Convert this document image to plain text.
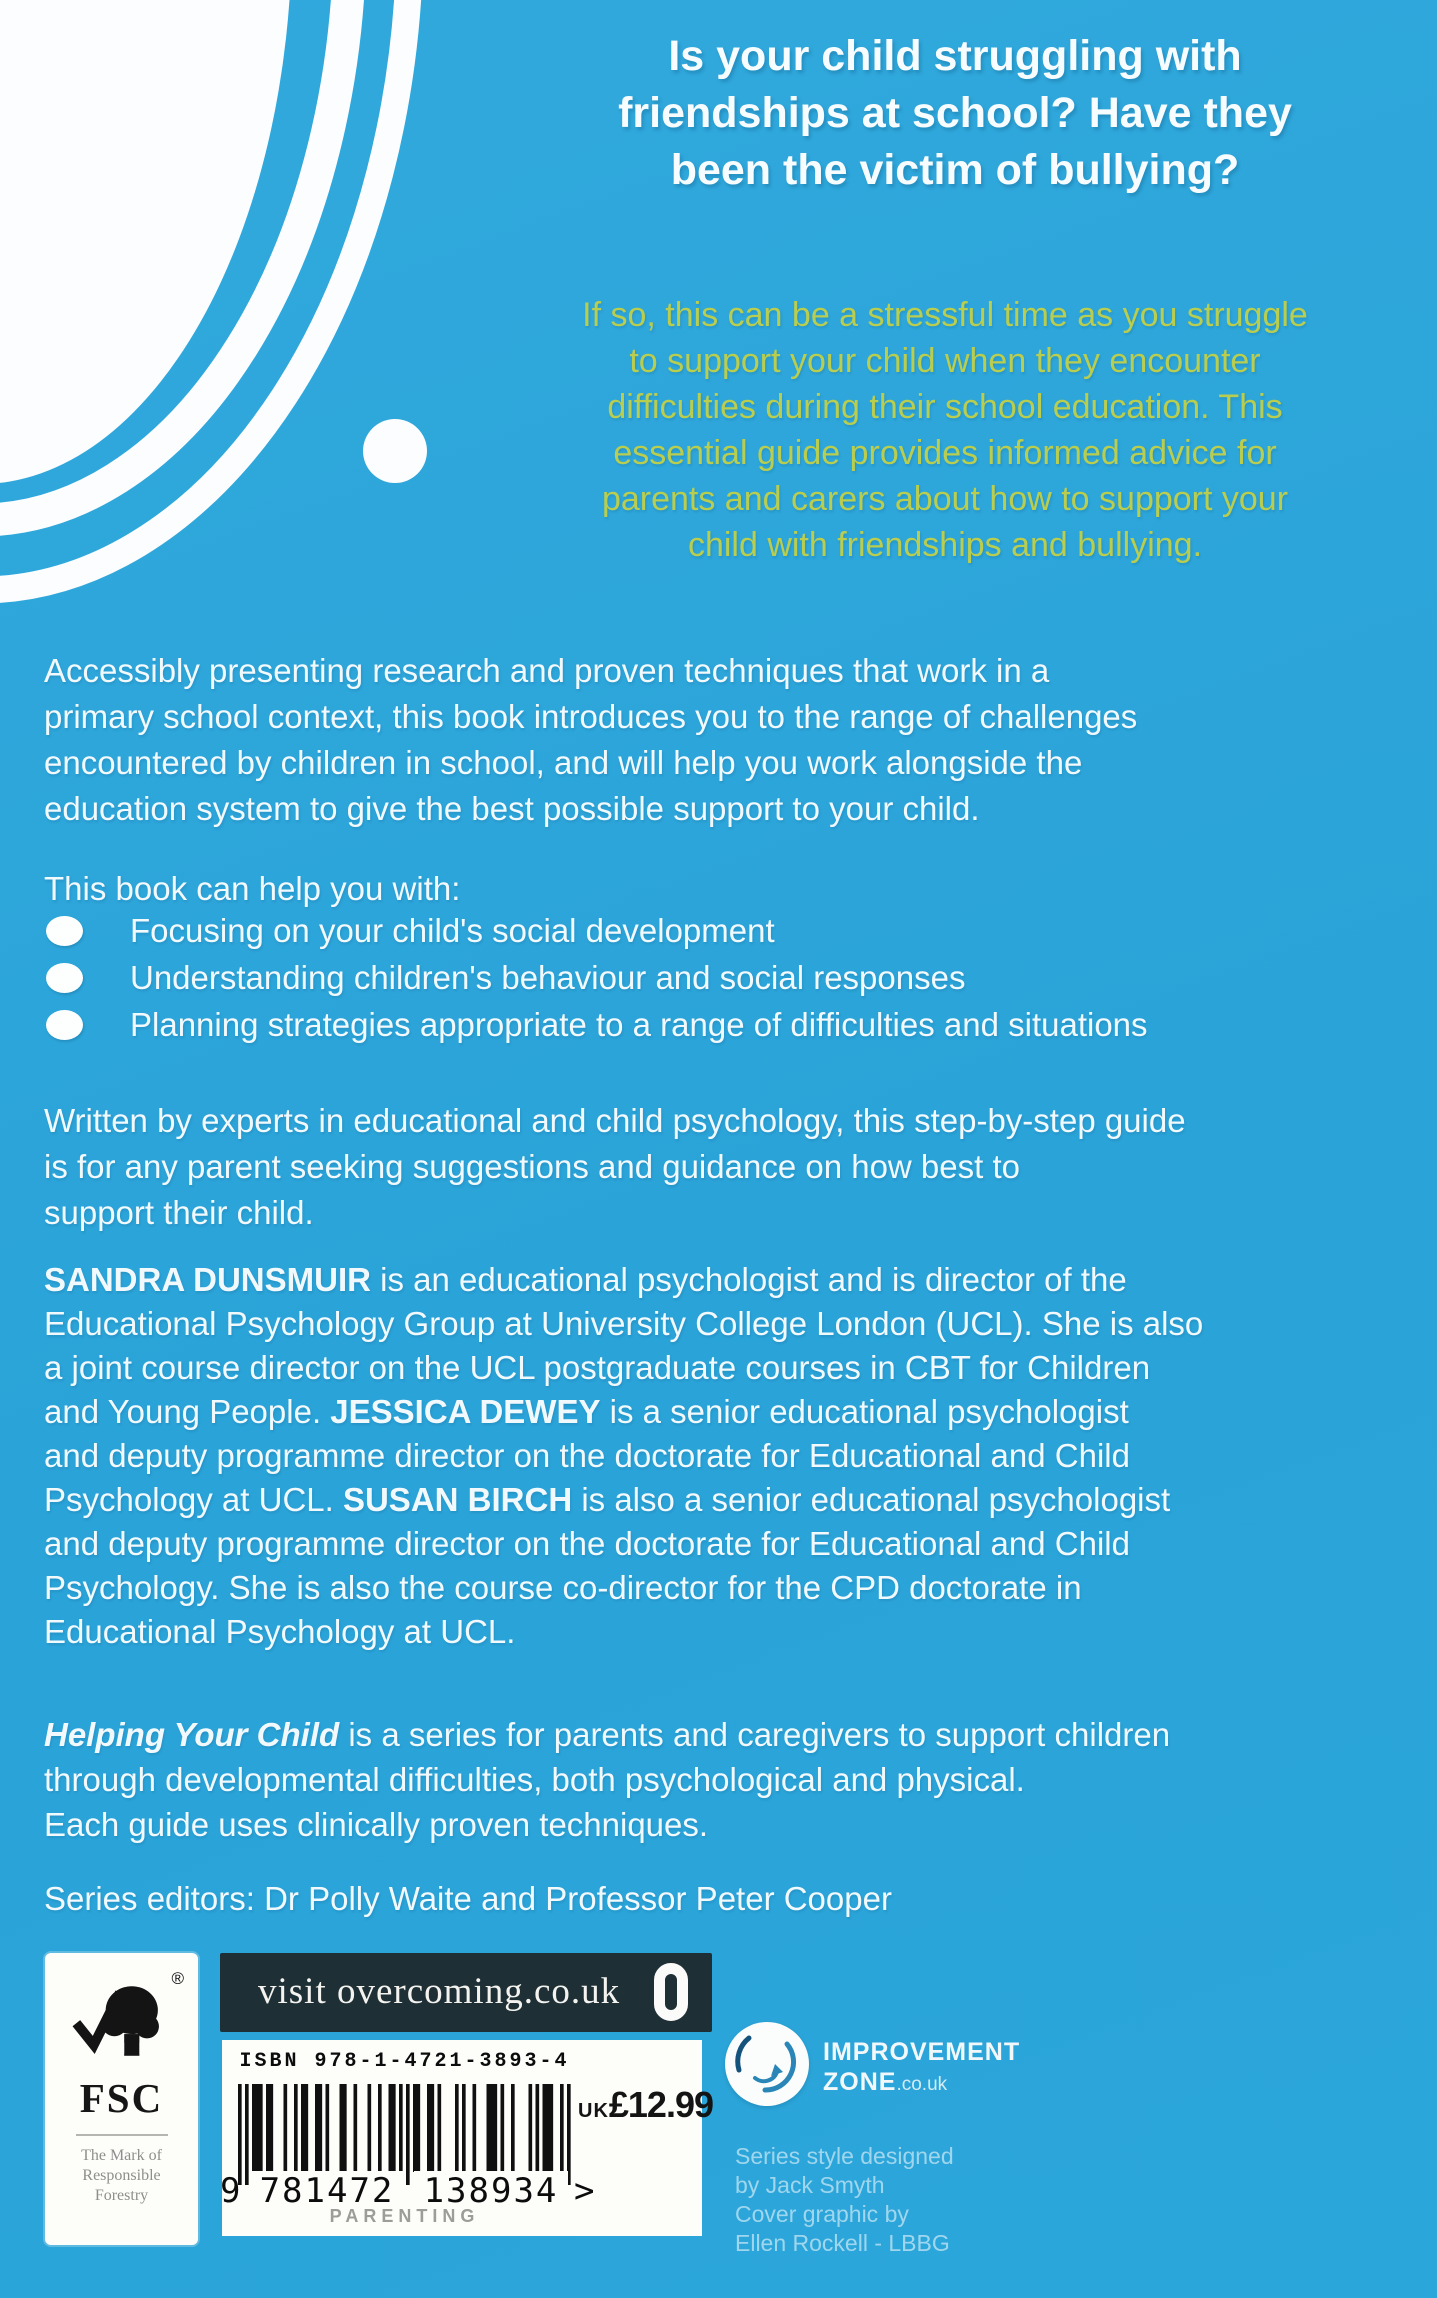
Is your child struggling with
friendships at school? Have they
been the victim of bullying?
If so, this can be a stressful time as you struggle
to support your child when they encounter
difficulties during their school education. This
essential guide provides informed advice for
parents and carers about how to support your
child with friendships and bullying.
Accessibly presenting research and proven techniques that work in a
primary school context, this book introduces you to the range of challenges
encountered by children in school, and will help you work alongside the
education system to give the best possible support to your child.
This book can help you with:
Focusing on your child's social development
Understanding children's behaviour and social responses
Planning strategies appropriate to a range of difficulties and situations
Written by experts in educational and child psychology, this step-by-step guide
is for any parent seeking suggestions and guidance on how best to
support their child.
SANDRA DUNSMUIR is an educational psychologist and is director of the
Educational Psychology Group at University College London (UCL). She is also
a joint course director on the UCL postgraduate courses in CBT for Children
and Young People. JESSICA DEWEY is a senior educational psychologist
and deputy programme director on the doctorate for Educational and Child
Psychology at UCL. SUSAN BIRCH is also a senior educational psychologist
and deputy programme director on the doctorate for Educational and Child
Psychology. She is also the course co-director for the CPD doctorate in
Educational Psychology at UCL.
Helping Your Child is a series for parents and caregivers to support children
through developmental difficulties, both psychological and physical.
Each guide uses clinically proven techniques.
Series editors: Dr Polly Waite and Professor Peter Cooper
®
FSC
The Mark of
Responsible
Forestry
visit overcoming.co.uk
ISBN 978-1-4721-3893-4
9 781472 138934 >
UK£12.99
PARENTING
IMPROVEMENT
ZONE.co.uk
Series style designed
by Jack Smyth
Cover graphic by
Ellen Rockell - LBBG
